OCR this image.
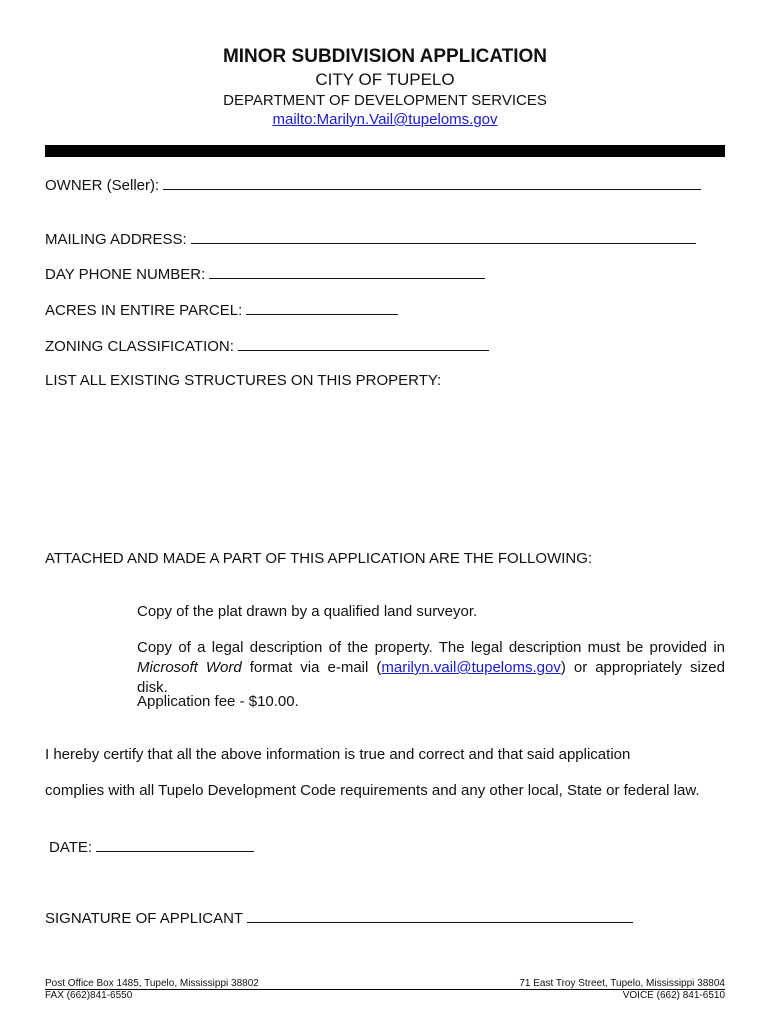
MINOR SUBDIVISION APPLICATION
CITY OF TUPELO
DEPARTMENT OF DEVELOPMENT SERVICES
mailto:Marilyn.Vail@tupeloms.gov
OWNER (Seller):
MAILING ADDRESS:
DAY PHONE NUMBER:
ACRES IN ENTIRE PARCEL:
ZONING CLASSIFICATION:
LIST ALL EXISTING STRUCTURES ON THIS PROPERTY:
ATTACHED AND MADE A PART OF THIS APPLICATION ARE THE FOLLOWING:
Copy of the plat drawn by a qualified land surveyor.
Copy of a legal description of the property. The legal description must be provided in Microsoft Word format via e-mail (marilyn.vail@tupeloms.gov) or appropriately sized disk.
Application fee - $10.00.
I hereby certify that all the above information is true and correct and that said application
complies with all Tupelo Development Code requirements and any other local, State or federal law.
DATE:
SIGNATURE OF APPLICANT
Post Office Box 1485, Tupelo, Mississippi 38802
FAX (662)841-6550
71 East Troy Street, Tupelo, Mississippi 38804
VOICE (662) 841-6510
